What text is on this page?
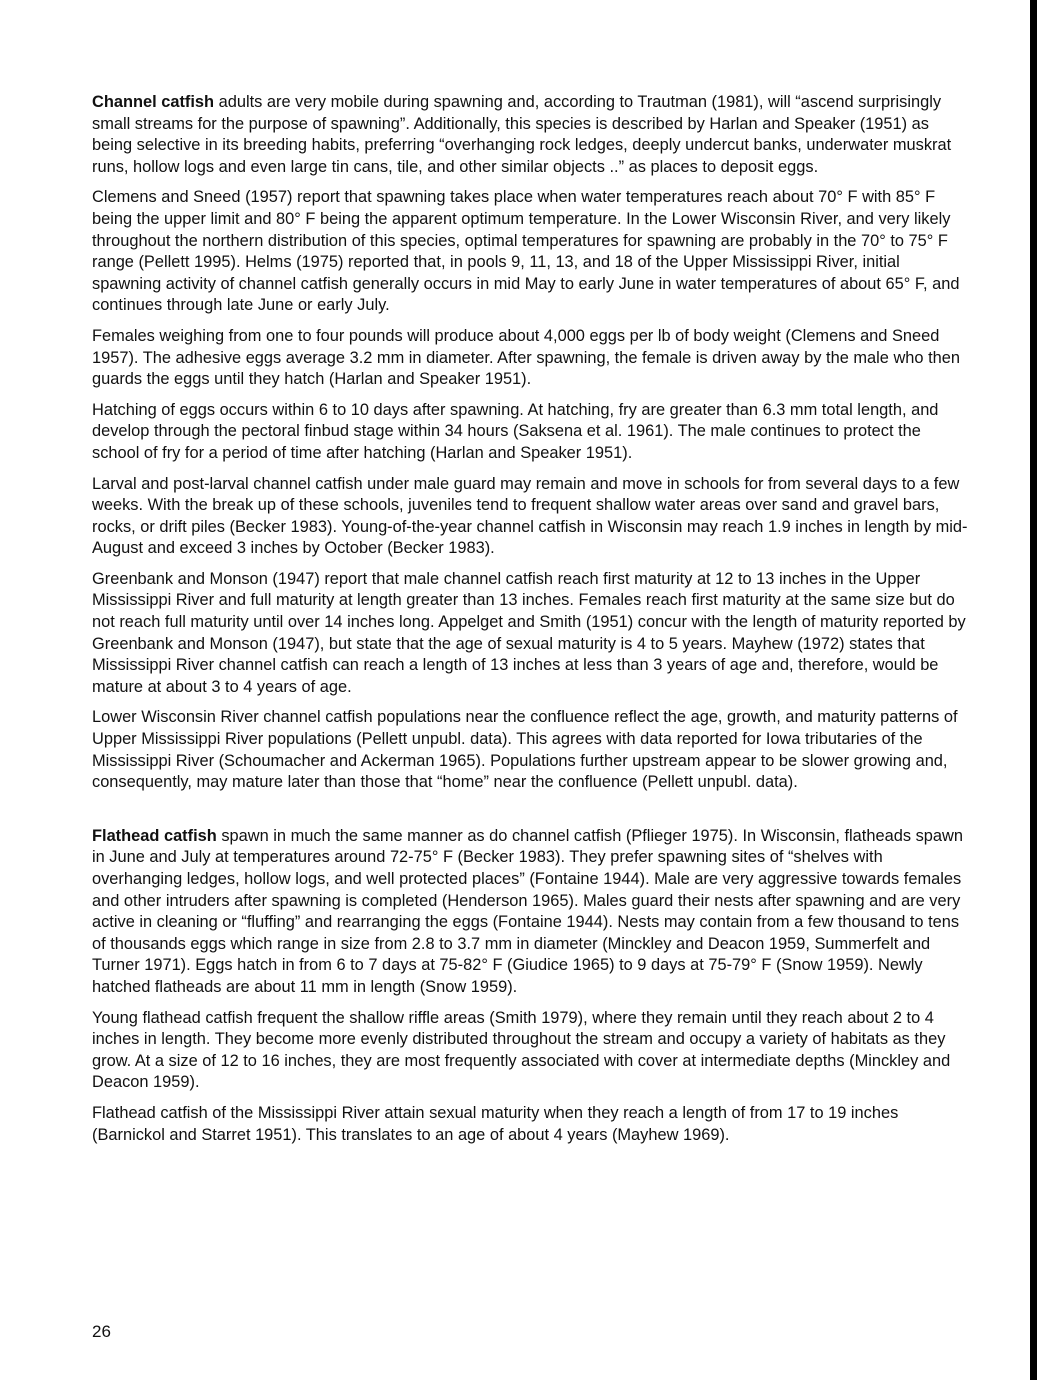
Channel catfish adults are very mobile during spawning and, according to Trautman (1981), will “ascend surprisingly small streams for the purpose of spawning”. Additionally, this species is described by Harlan and Speaker (1951) as being selective in its breeding habits, preferring “overhanging rock ledges, deeply undercut banks, underwater muskrat runs, hollow logs and even large tin cans, tile, and other similar objects ..” as places to deposit eggs.

Clemens and Sneed (1957) report that spawning takes place when water temperatures reach about 70° F with 85° F being the upper limit and 80° F being the apparent optimum temperature. In the Lower Wisconsin River, and very likely throughout the northern distribution of this species, optimal temperatures for spawning are probably in the 70° to 75° F range (Pellett 1995). Helms (1975) reported that, in pools 9, 11, 13, and 18 of the Upper Mississippi River, initial spawning activity of channel catfish generally occurs in mid May to early June in water temperatures of about 65° F, and continues through late June or early July.

Females weighing from one to four pounds will produce about 4,000 eggs per lb of body weight (Clemens and Sneed 1957). The adhesive eggs average 3.2 mm in diameter. After spawning, the female is driven away by the male who then guards the eggs until they hatch (Harlan and Speaker 1951).

Hatching of eggs occurs within 6 to 10 days after spawning. At hatching, fry are greater than 6.3 mm total length, and develop through the pectoral finbud stage within 34 hours (Saksena et al. 1961). The male continues to protect the school of fry for a period of time after hatching (Harlan and Speaker 1951).

Larval and post-larval channel catfish under male guard may remain and move in schools for from several days to a few weeks. With the break up of these schools, juveniles tend to frequent shallow water areas over sand and gravel bars, rocks, or drift piles (Becker 1983). Young-of-the-year channel catfish in Wisconsin may reach 1.9 inches in length by mid-August and exceed 3 inches by October (Becker 1983).

Greenbank and Monson (1947) report that male channel catfish reach first maturity at 12 to 13 inches in the Upper Mississippi River and full maturity at length greater than 13 inches. Females reach first maturity at the same size but do not reach full maturity until over 14 inches long. Appelget and Smith (1951) concur with the length of maturity reported by Greenbank and Monson (1947), but state that the age of sexual maturity is 4 to 5 years. Mayhew (1972) states that Mississippi River channel catfish can reach a length of 13 inches at less than 3 years of age and, therefore, would be mature at about 3 to 4 years of age.

Lower Wisconsin River channel catfish populations near the confluence reflect the age, growth, and maturity patterns of Upper Mississippi River populations (Pellett unpubl. data). This agrees with data reported for Iowa tributaries of the Mississippi River (Schoumacher and Ackerman 1965). Populations further upstream appear to be slower growing and, consequently, may mature later than those that “home” near the confluence (Pellett unpubl. data).

Flathead catfish spawn in much the same manner as do channel catfish (Pflieger 1975). In Wisconsin, flatheads spawn in June and July at temperatures around 72-75° F (Becker 1983). They prefer spawning sites of “shelves with overhanging ledges, hollow logs, and well protected places” (Fontaine 1944). Male are very aggressive towards females and other intruders after spawning is completed (Henderson 1965). Males guard their nests after spawning and are very active in cleaning or “fluffing” and rearranging the eggs (Fontaine 1944). Nests may contain from a few thousand to tens of thousands eggs which range in size from 2.8 to 3.7 mm in diameter (Minckley and Deacon 1959, Summerfelt and Turner 1971). Eggs hatch in from 6 to 7 days at 75-82° F (Giudice 1965) to 9 days at 75-79° F (Snow 1959). Newly hatched flatheads are about 11 mm in length (Snow 1959).

Young flathead catfish frequent the shallow riffle areas (Smith 1979), where they remain until they reach about 2 to 4 inches in length. They become more evenly distributed throughout the stream and occupy a variety of habitats as they grow. At a size of 12 to 16 inches, they are most frequently associated with cover at intermediate depths (Minckley and Deacon 1959).

Flathead catfish of the Mississippi River attain sexual maturity when they reach a length of from 17 to 19 inches (Barnickol and Starret 1951). This translates to an age of about 4 years (Mayhew 1969).

26
